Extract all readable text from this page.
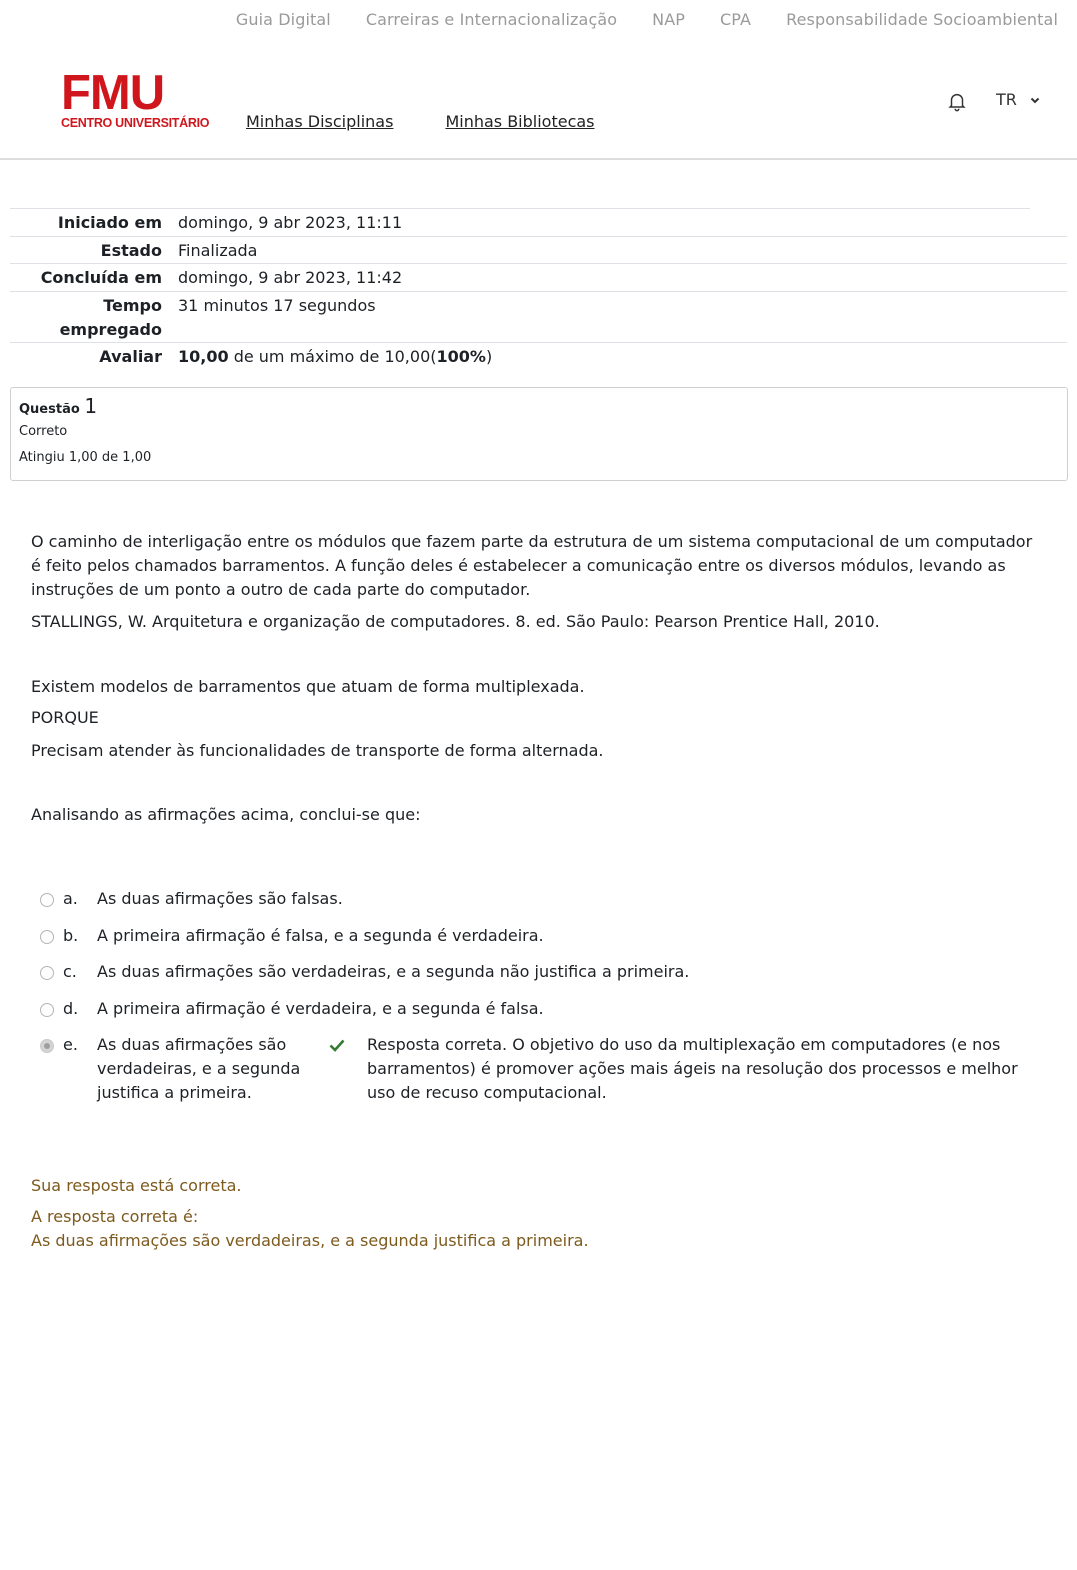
Guia Digital Carreiras e Internacionalização NAP CPA Responsabilidade Socioambiental
FMU
CENTRO UNIVERSITÁRIO Minhas Disciplinas	Minhas Bibliotecas
TR
Iniciado em	domingo, 9 abr 2023, 11:11
Estado	Finalizada
Concluída em	domingo, 9 abr 2023, 11:42
Tempo empregado
31 minutos 17 segundos
Avaliar	10,00 de um máximo de 10,00(100%)
Questão 1
Correto
Atingiu 1,00 de 1,00
O caminho de interligação entre os módulos que fazem parte da estrutura de um sistema computacional de um computador é feito pelos chamados barramentos. A função deles é estabelecer a comunicação entre os diversos módulos, levando as instruções de um ponto a outro de cada parte do computador.
STALLINGS, W. Arquitetura e organização de computadores. 8. ed. São Paulo: Pearson Prentice Hall, 2010.
Existem modelos de barramentos que atuam de forma multiplexada.
PORQUE
Precisam atender às funcionalidades de transporte de forma alternada.
Analisando as afirmações acima, conclui-se que:
a.	As duas afirmações são falsas.
b. A primeira afirmação é falsa, e a segunda é verdadeira.
c.	As duas afirmações são verdadeiras, e a segunda não justifica a primeira.
d. A primeira afirmação é verdadeira, e a segunda é falsa.
e.	As duas afirmações são verdadeiras, e a segunda justifica a primeira.
Resposta correta. O objetivo do uso da multiplexação em computadores (e nos barramentos) é promover ações mais ágeis na resolução dos processos e melhor uso de recuso computacional.
Sua resposta está correta.
A resposta correta é:
As duas afirmações são verdadeiras, e a segunda justifica a primeira.
